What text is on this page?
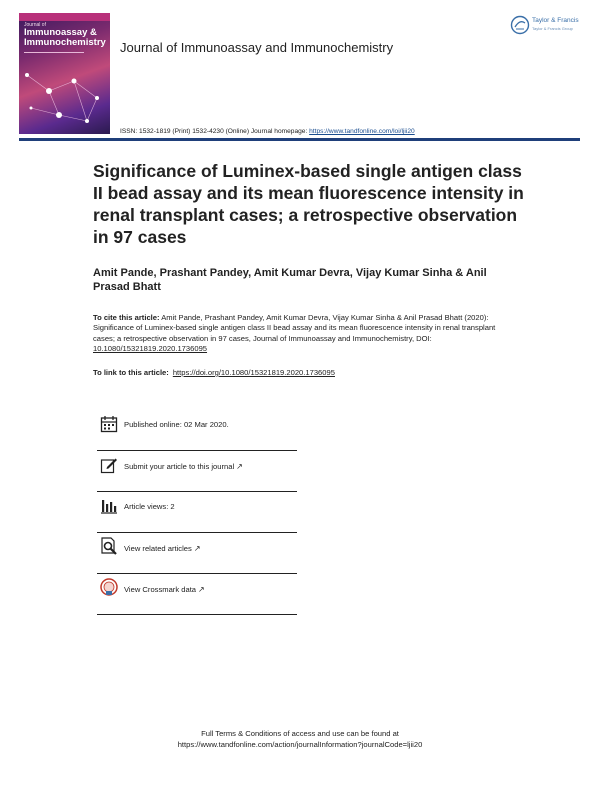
Journal of
Immunoassay & Immunochemistry Journal of Immunoassay and Immunochemistry
Taylor & Francis
Taylor & Francis Group
ISSN: 1532-1819 (Print) 1532-4230 (Online) Journal homepage: https://www.tandfonline.com/loi/ljii20
Significance of Luminex-based single antigen class II bead assay and its mean fluorescence intensity in renal transplant cases; a retrospective observation in 97 cases
Amit Pande, Prashant Pandey, Amit Kumar Devra, Vijay Kumar Sinha & Anil Prasad Bhatt
To cite this article: Amit Pande, Prashant Pandey, Amit Kumar Devra, Vijay Kumar Sinha & Anil Prasad Bhatt (2020): Significance of Luminex-based single antigen class II bead assay and its mean fluorescence intensity in renal transplant cases; a retrospective observation in 97 cases, Journal of Immunoassay and Immunochemistry, DOI: 10.1080/15321819.2020.1736095
To link to this article: https://doi.org/10.1080/15321819.2020.1736095
Published online: 02 Mar 2020.
Submit your article to this journal ↗
Article views: 2
View related articles ↗
View Crossmark data ↗
Full Terms & Conditions of access and use can be found at
https://www.tandfonline.com/action/journalInformation?journalCode=ljii20
